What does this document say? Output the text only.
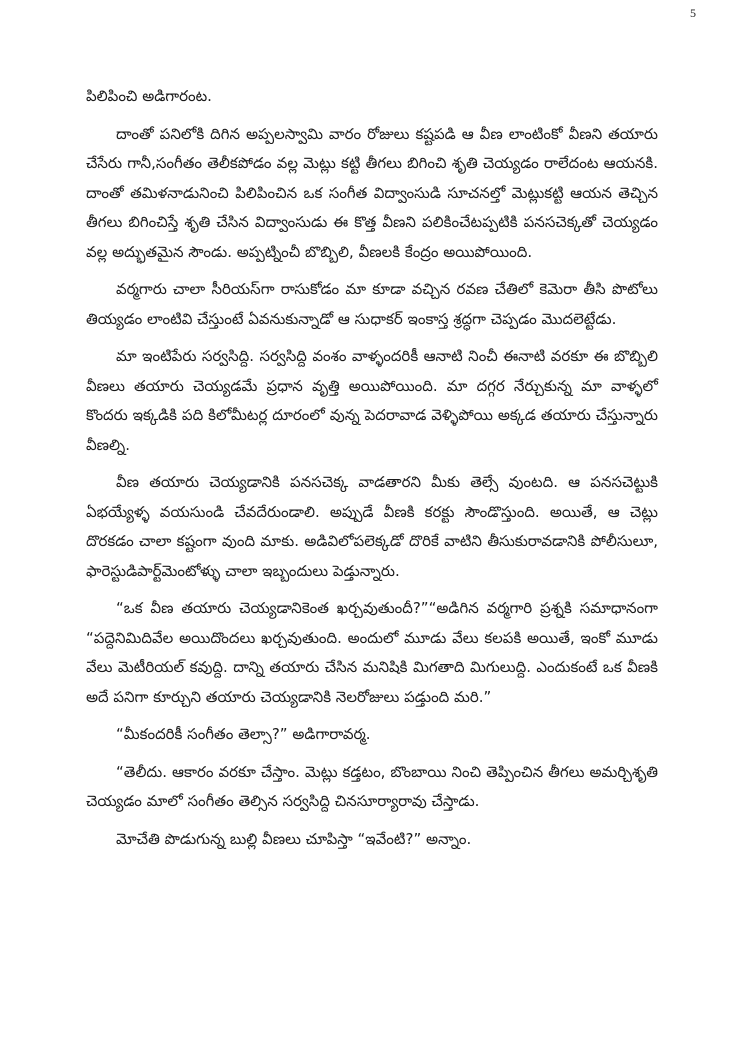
5

పిలిపించి అడిగారంట.

దాంతో పనిలోకి దిగిన అప్పలస్వామి వారం రోజులు కష్టపడి ఆ వీణ లాంటింకో వీణని తయారు చేసేరు గానీ,సంగీతం తెలీకపోడం వల్ల మెట్లు కట్టి తీగలు బిగించి శృతి చెయ్యడం రాలేదంట ఆయనకి. దాంతో తమిళనాడునించి పిలిపించిన ఒక సంగీత విద్వాంసుడి సూచనల్తో మెట్లుకట్టి ఆయన తెచ్చిన తీగలు బిగించిస్తే శృతి చేసిన విద్వాంసుడు ఈ కొత్త వీణని పలికించేటప్పటికి పనసచెక్కతో చెయ్యడం వల్ల అద్భుతమైన సౌండు. అప్పట్నించీ బొబ్బిలి, వీణలకి కేంద్రం అయిపోయింది.

వర్మగారు చాలా సీరియస్‌గా రాసుకోడం మా కూడా వచ్చిన రవణ చేతిలో కెమెరా తీసి పొటోలు తియ్యడం లాంటివి చేస్తుంటే ఏవనుకున్నాడో ఆ సుధాకర్ ఇంకాస్త శ్రద్ధగా చెప్పడం మొదలెట్టేడు.

మా ఇంటిపేరు సర్వసిద్ది. సర్వసిద్ది వంశం వాళ్ళందరికీ ఆనాటి నించీ ఈనాటి వరకూ ఈ బొబ్బిలి వీణలు తయారు చెయ్యడమే ప్రధాన వృత్తి అయిపోయింది. మా దగ్గర నేర్చుకున్న మా వాళ్ళలో కొందరు ఇక్కడికి పది కిలోమీటర్ల దూరంలో వున్న పెదరావాడ వెళ్ళిపోయి అక్కడ తయారు చేస్తున్నారు వీణల్ని.

వీణ తయారు చెయ్యడానికి పనసచెక్క వాడతారని మీకు తెల్సే వుంటది. ఆ పనసచెట్టుకి ఏభయ్యేళ్ళ వయసుండి చేవదేరుండాలి. అప్పుడే వీణకి కరక్టు సౌండొస్తుంది. అయితే, ఆ చెట్లు దొరకడం చాలా కష్టంగా వుంది మాకు. అడివిలోపలెక్కడో దొరికే వాటిని తీసుకురావడానికి పోలీసులూ, ఫారెస్టుడిపార్ట్‌మెంటోళ్ళు చాలా ఇబ్బందులు పెడ్తున్నారు.

“ఒక వీణ తయారు చెయ్యడానికెంత ఖర్చవుతుందీ?”“అడిగిన వర్మగారి ప్రశ్నకి సమాధానంగా “పద్దెనిమిదివేల అయిదొందలు ఖర్చవుతుంది. అందులో మూడు వేలు కలపకి అయితే, ఇంకో మూడు వేలు మెటీరియల్ కవుద్ది. దాన్ని తయారు చేసిన మనిషికి మిగతాది మిగులుద్ది. ఎందుకంటే ఒక వీణకి అదే పనిగా కూర్చుని తయారు చెయ్యడానికి నెలరోజులు పడ్తుంది మరి.”

“మీకందరికీ సంగీతం తెల్సా?” అడిగారావర్మ.

“తెలీదు. ఆకారం వరకూ చేస్తాం. మెట్లు కడ్తటం, బొంబాయి నించి తెప్పించిన తీగలు అమర్చిశృతి చెయ్యడం మాలో సంగీతం తెల్సిన సర్వసిద్ది చినసూర్యారావు చేస్తాడు.

మోచేతి పొడుగున్న బుల్లి వీణలు చూపిస్తా “ఇవేంటి?” అన్నాం.
